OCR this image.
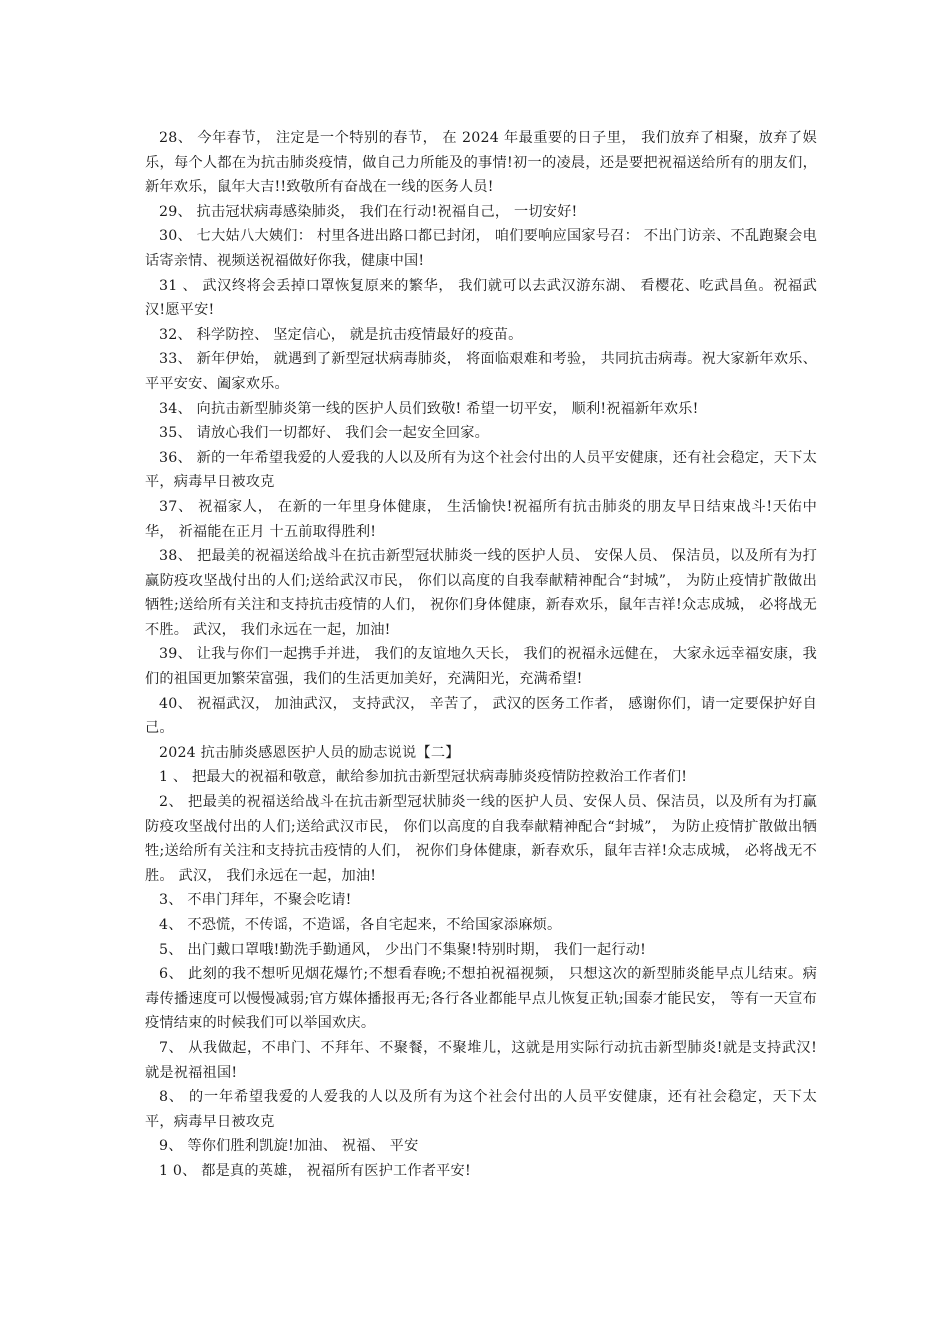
28、 今年春节， 注定是一个特别的春节， 在 2024 年最重要的日子里， 我们放弃了相聚，放弃了娱乐，每个人都在为抗击肺炎疫情，做自己力所能及的事情!初一的凌晨，还是要把祝福送给所有的朋友们，新年欢乐，鼠年大吉!!致敬所有奋战在一线的医务人员!

29、 抗击冠状病毒感染肺炎， 我们在行动!祝福自己， 一切安好!

30、 七大姑八大姨们： 村里各进出路口都已封闭， 咱们要响应国家号召： 不出门访亲、不乱跑聚会电话寄亲情、视频送祝福做好你我，健康中国!

31 、 武汉终将会丢掉口罩恢复原来的繁华， 我们就可以去武汉游东湖、 看樱花、吃武昌鱼。祝福武汉!愿平安!

32、 科学防控、 坚定信心， 就是抗击疫情最好的疫苗。

33、 新年伊始， 就遇到了新型冠状病毒肺炎， 将面临艰难和考验， 共同抗击病毒。祝大家新年欢乐、平平安安、阖家欢乐。

34、 向抗击新型肺炎第一线的医护人员们致敬! 希望一切平安， 顺利!祝福新年欢乐!

35、 请放心我们一切都好、 我们会一起安全回家。

36、 新的一年希望我爱的人爱我的人以及所有为这个社会付出的人员平安健康，还有社会稳定，天下太平，病毒早日被攻克

37、 祝福家人， 在新的一年里身体健康， 生活愉快!祝福所有抗击肺炎的朋友早日结束战斗!天佑中华， 祈福能在正月 十五前取得胜利!

38、 把最美的祝福送给战斗在抗击新型冠状肺炎一线的医护人员、 安保人员、 保洁员，以及所有为打赢防疫攻坚战付出的人们;送给武汉市民， 你们以高度的自我奉献精神配合“封城”， 为防止疫情扩散做出牺牲;送给所有关注和支持抗击疫情的人们， 祝你们身体健康，新春欢乐，鼠年吉祥!众志成城， 必将战无不胜。 武汉， 我们永远在一起，加油!

39、 让我与你们一起携手并进， 我们的友谊地久天长， 我们的祝福永远健在， 大家永远幸福安康，我们的祖国更加繁荣富强，我们的生活更加美好，充满阳光，充满希望!

40、 祝福武汉， 加油武汉， 支持武汉， 辛苦了， 武汉的医务工作者， 感谢你们，请一定要保护好自己。

2024 抗击肺炎感恩医护人员的励志说说【二】

1 、 把最大的祝福和敬意，献给参加抗击新型冠状病毒肺炎疫情防控救治工作者们!

2、 把最美的祝福送给战斗在抗击新型冠状肺炎一线的医护人员、安保人员、保洁员，以及所有为打赢防疫攻坚战付出的人们;送给武汉市民， 你们以高度的自我奉献精神配合“封城”， 为防止疫情扩散做出牺牲;送给所有关注和支持抗击疫情的人们， 祝你们身体健康，新春欢乐，鼠年吉祥!众志成城， 必将战无不胜。 武汉， 我们永远在一起，加油!

3、 不串门拜年，不聚会吃请!

4、 不恐慌，不传谣，不造谣，各自宅起来，不给国家添麻烦。

5、 出门戴口罩哦!勤洗手勤通风， 少出门不集聚!特别时期， 我们一起行动!

6、 此刻的我不想听见烟花爆竹;不想看春晚;不想拍祝福视频， 只想这次的新型肺炎能早点儿结束。病毒传播速度可以慢慢减弱;官方媒体播报再无;各行各业都能早点儿恢复正轨;国泰才能民安， 等有一天宣布疫情结束的时候我们可以举国欢庆。

7、 从我做起，不串门、不拜年、不聚餐，不聚堆儿，这就是用实际行动抗击新型肺炎!就是支持武汉!就是祝福祖国!

8、 的一年希望我爱的人爱我的人以及所有为这个社会付出的人员平安健康，还有社会稳定，天下太平，病毒早日被攻克

9、 等你们胜利凯旋!加油、 祝福、 平安

1 0、 都是真的英雄， 祝福所有医护工作者平安!
